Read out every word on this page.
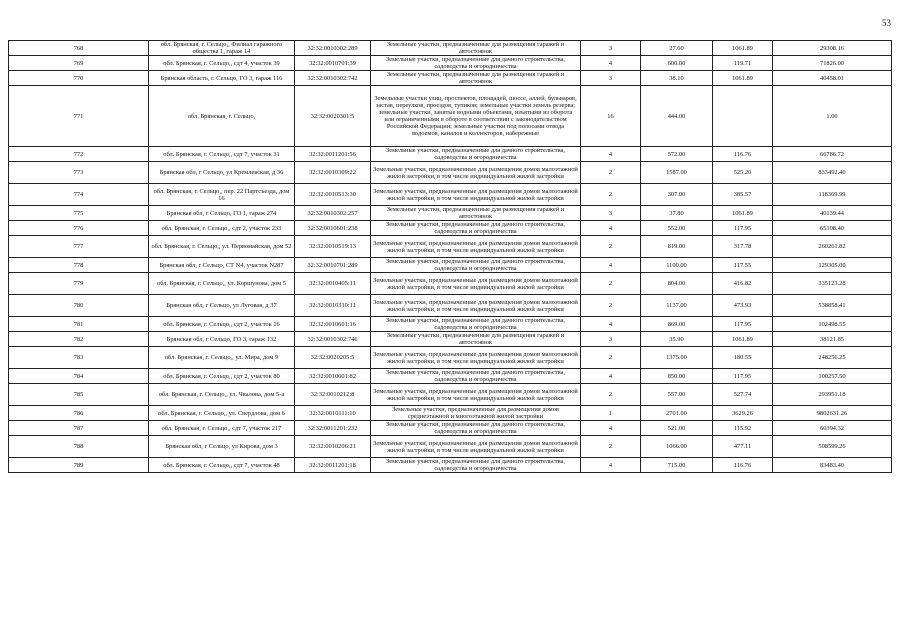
53
768	обл. Брянская, г. Сельцо,, Филиал гаражного общества 1, гараж 14	32:32:0010302:289	Земельные участки, предназначенные для размещения гаражей и автостоянок	3	27.60	1061.89	29308.16
769	обл. Брянская, г. Сельцо,, сдт 4, участок 39	32:32:0010701:39	Земельные участки, предназначенные для дачного строительства, садоводства и огородничества	4	600.00	119.71	71826.00
770	Брянская область, г. Сельцо, ГО 3, гараж 116	32:32:0010302:742	Земельные участки, предназначенные для размещения гаражей и автостоянок	3	38.10	1061.89	40458.01
771	обл. Брянская, г. Сельцо,	32:32:0020301:5	Земельные участки улиц, проспектов, площадей, шоссе, аллей, бульваров, застав, переулков, проездов, тупиков; земельные участки земель резерва; земельные участки, занятые водными объектами, изъятыми из оборота или ограниченными в обороте в соответствии с законодательством Российской Федерации; земельные участки под полосами отвода водоемов, каналов и коллекторов, набережные	16	444.00		1.00
772	обл. Брянская, г. Сельцо,, сдт 7, участок 31	32:32:0011201:56	Земельные участки, предназначенные для дачного строительства, садоводства и огородничества	4	572.00	116.76	66786.72
773	Брянская обл, г Сельцо, ул Кремлевская, д 36	32:32:0010309:22	Земельные участки, предназначенные для размещения домов малоэтажной жилой застройки, в том числе индивидуальной жилой застройки	2	1587.00	525.20	833492.40
774	обл. Брянская, г. Сельцо,, пер. 22 Партсъезда, дом 16	32:32:0010513:30	Земельные участки, предназначенные для размещения домов малоэтажной жилой застройки, в том числе индивидуальной жилой застройки	2	307.00	385.57	118369.99
775	Брянская обл, г Сельцо, ГО 1, гараж 274	32:32:0010302:257	Земельные участки, предназначенные для размещения гаражей и автостоянок	3	37.80	1061.89	40139.44
776	обл. Брянская, г. Сельцо,, сдт 2, участок 233	32:32:0010601:238	Земельные участки, предназначенные для дачного строительства, садоводства и огородничества	4	552.00	117.95	65108.40
777	обл. Брянская, г. Сельцо,, ул. Первомайская, дом 52	32:32:0010519:13	Земельные участки, предназначенные для размещения домов малоэтажной жилой застройки, в том числе индивидуальной жилой застройки	2	819.00	317.78	260261.82
778	Брянская обл, г Сельцо, СТ N4, участок N287	32:32:0010701:289	Земельные участки, предназначенные для дачного строительства, садоводства и огородничества	4	1100.00	117.55	129305.00
779	обл. Брянская, г. Сельцо,, ул. Коршунова, дом 5	32:32:0010405:11	Земельные участки, предназначенные для размещения домов малоэтажной жилой застройки, в том числе индивидуальной жилой застройки	2	804.00	416.82	335123.28
780	Брянская обл, г Сельцо, ул Луговая, д 37	32:32:0010310:11	Земельные участки, предназначенные для размещения домов малоэтажной жилой застройки, в том числе индивидуальной жилой застройки	2	1137.00	473.93	538858.41
781	обл. Брянская, г. Сельцо,, сдт 2, участок 16	32:32:0010601:16	Земельные участки, предназначенные для дачного строительства, садоводства и огородничества	4	869.00	117.95	102498.55
782	Брянская обл, г Сельцо, ГО 3, гараж 132	32:32:0010302:746	Земельные участки, предназначенные для размещения гаражей и автостоянок	3	35.90	1061.89	38121.85
783	обл. Брянская, г. Сельцо,, ул. Мира, дом 9	32:32:0020205:5	Земельные участки, предназначенные для размещения домов малоэтажной жилой застройки, в том числе индивидуальной жилой застройки	2	1375.00	180.55	248256.25
784	обл. Брянская, г. Сельцо,, сдт 2, участок 80	32:32:0010601:82	Земельные участки, предназначенные для дачного строительства, садоводства и огородничества	4	850.00	117.95	100257.50
785	обл. Брянская, г. Сельцо,, ул. Чкалова, дом 5-а	32:32:0010212:8	Земельные участки, предназначенные для размещения домов малоэтажной жилой застройки, в том числе индивидуальной жилой застройки	2	557.00	527.74	293951.18
786	обл. Брянская, г. Сельцо,, ул. Свердлова, дом 6	32:32:0010111:10	Земельные участки, предназначенные для размещения домов среднеэтажной и многоэтажной жилой застройки	1	2701.00	3629.26	9802631.26
787	обл. Брянская, г. Сельцо,, сдт 7, участок 217	32:32:0011201:232	Земельные участки, предназначенные для дачного строительства, садоводства и огородничества	4	521.00	115.92	60394.32
788	Брянская обл, г Сельцо, ул Кирова, дом 3	32:32:0010206:21	Земельные участки, предназначенные для размещения домов малоэтажной жилой застройки, в том числе индивидуальной жилой застройки	2	1066.00	477.11	508599.26
789	обл. Брянская, г. Сельцо,, сдт 7, участок 48	32:32:0011201:18	Земельные участки, предназначенные для дачного строительства, садоводства и огородничества	4	715.00	116.76	83483.40
